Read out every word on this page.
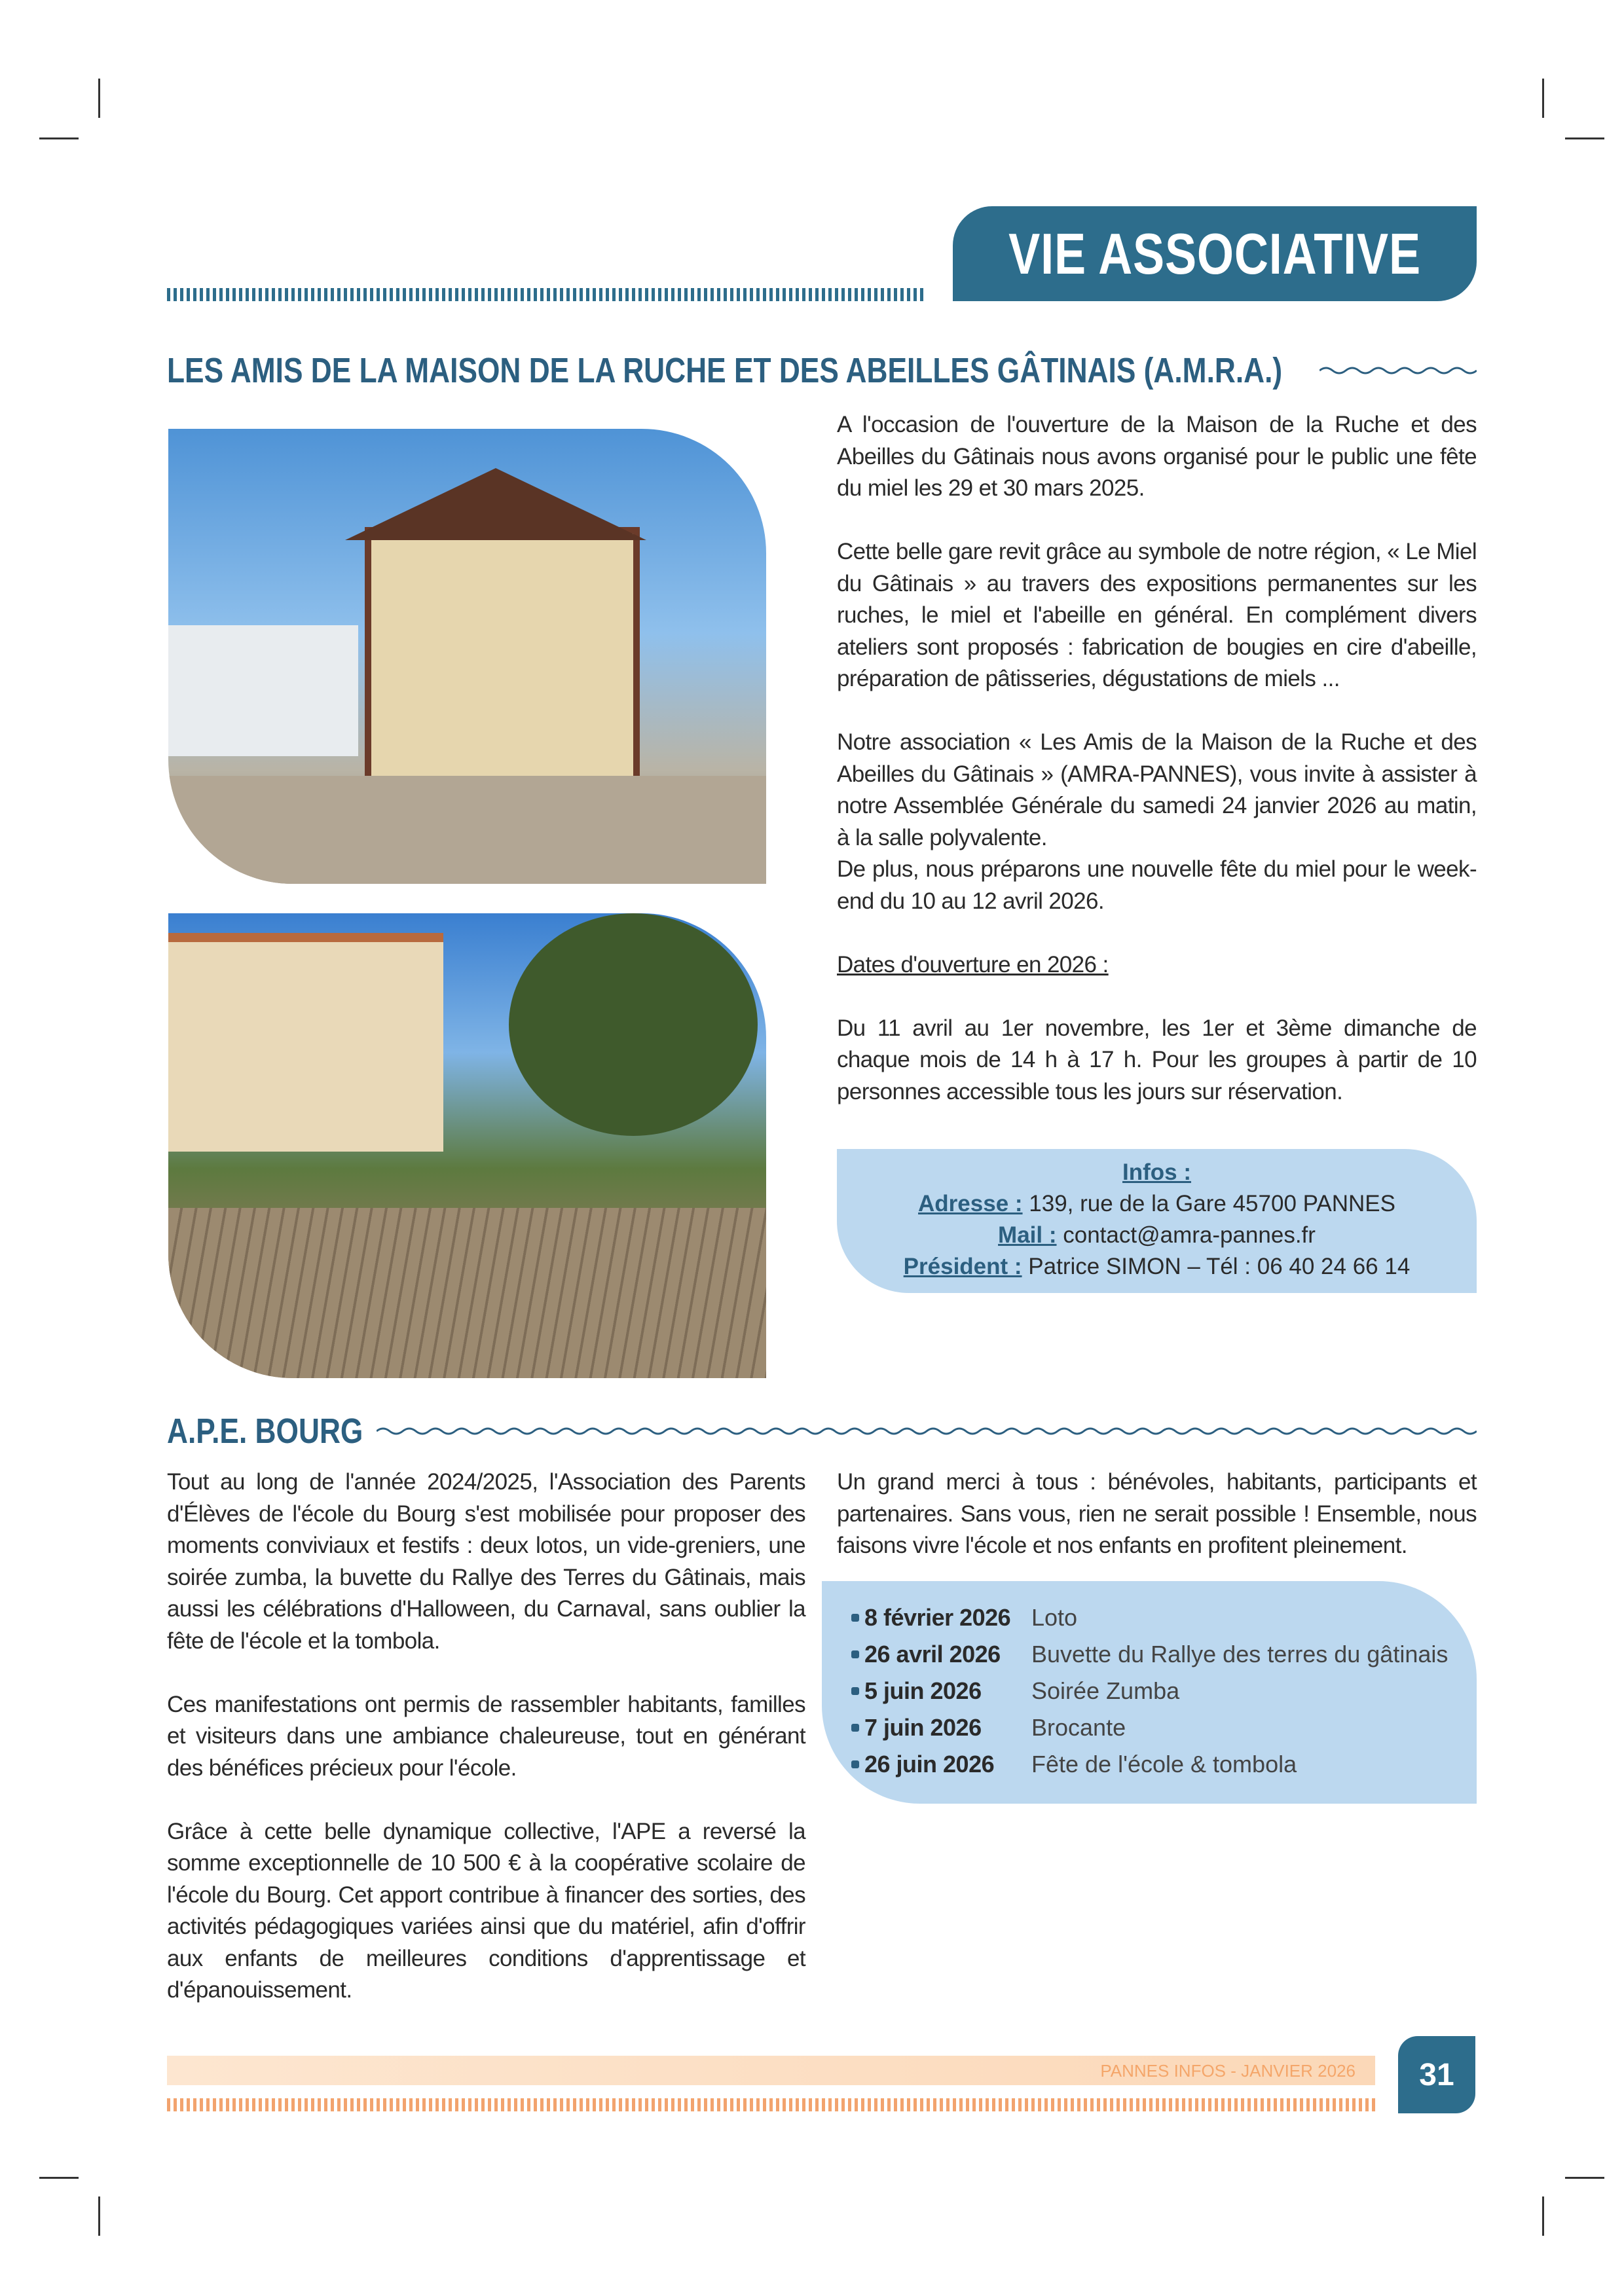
VIE ASSOCIATIVE
LES AMIS DE LA MAISON DE LA RUCHE ET DES ABEILLES GÂTINAIS (A.M.R.A.)

A l'occasion de l'ouverture de la Maison de la Ruche et des Abeilles du Gâtinais nous avons organisé pour le public une fête du miel les 29 et 30 mars 2025.

Cette belle gare revit grâce au symbole de notre région, « Le Miel du Gâtinais » au travers des expositions permanentes sur les ruches, le miel et l'abeille en général. En complément divers ateliers sont proposés : fabrication de bougies en cire d'abeille, préparation de pâtisseries, dégustations de miels ...

Notre association « Les Amis de la Maison de la Ruche et des Abeilles du Gâtinais » (AMRA-PANNES), vous invite à assister à notre Assemblée Générale du samedi 24 janvier 2026 au matin, à la salle polyvalente.

De plus, nous préparons une nouvelle fête du miel pour le week-end du 10 au 12 avril 2026.

Dates d'ouverture en 2026 :

Du 11 avril au 1er novembre, les 1er et 3ème dimanche de chaque mois de 14 h à 17 h. Pour les groupes à partir de 10 personnes accessible tous les jours sur réservation.

Infos :
Adresse : 139, rue de la Gare 45700 PANNES
Mail : contact@amra-pannes.fr
Président : Patrice SIMON – Tél : 06 40 24 66 14
A.P.E. BOURG

Tout au long de l'année 2024/2025, l'Association des Parents d'Élèves de l'école du Bourg s'est mobilisée pour proposer des moments conviviaux et festifs : deux lotos, un vide-greniers, une soirée zumba, la buvette du Rallye des Terres du Gâtinais, mais aussi les célébrations d'Halloween, du Carnaval, sans oublier la fête de l'école et la tombola.

Ces manifestations ont permis de rassembler habitants, familles et visiteurs dans une ambiance chaleureuse, tout en générant des bénéfices précieux pour l'école.

Grâce à cette belle dynamique collective, l'APE a reversé la somme exceptionnelle de 10 500 € à la coopérative scolaire de l'école du Bourg. Cet apport contribue à financer des sorties, des activités pédagogiques variées ainsi que du matériel, afin d'offrir aux enfants de meilleures conditions d'apprentissage et d'épanouissement.

Un grand merci à tous : bénévoles, habitants, participants et partenaires. Sans vous, rien ne serait possible ! Ensemble, nous faisons vivre l'école et nos enfants en profitent pleinement.

8 février 2026 Loto
26 avril 2026	Buvette du Rallye des terres du gâtinais
5 juin 2026	Soirée Zumba
7 juin 2026	Brocante
26 juin 2026	Fête de l'école & tombola
PANNES INFOS - JANVIER 2026	31
